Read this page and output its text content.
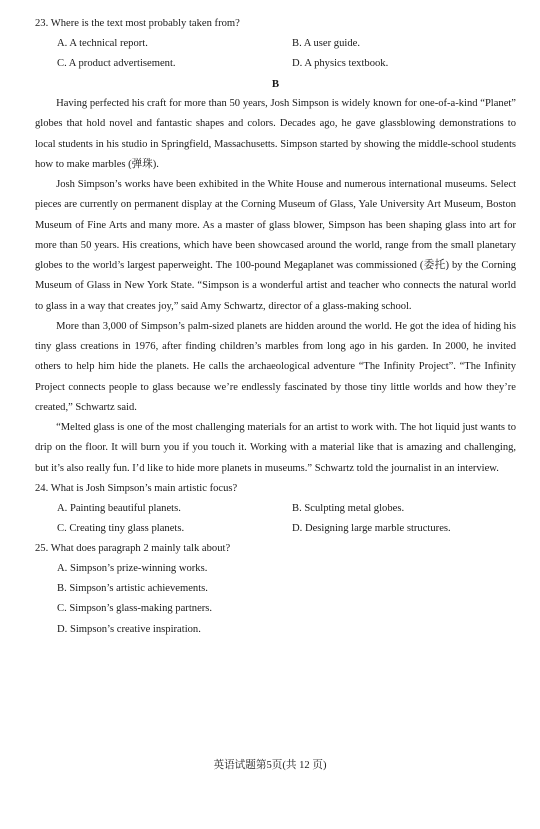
23. Where is the text most probably taken from?
A. A technical report.	B. A user guide.
C. A product advertisement.	D. A physics textbook.
B

Having perfected his craft for more than 50 years, Josh Simpson is widely known for one-of-a-kind “Planet” globes that hold novel and fantastic shapes and colors. Decades ago, he gave glassblowing demonstrations to local students in his studio in Springfield, Massachusetts. Simpson started by showing the middle-school students how to make marbles (弹珠).

Josh Simpson’s works have been exhibited in the White House and numerous international museums. Select pieces are currently on permanent display at the Corning Museum of Glass, Yale University Art Museum, Boston Museum of Fine Arts and many more. As a master of glass blower, Simpson has been shaping glass into art for more than 50 years. His creations, which have been showcased around the world, range from the small planetary globes to the world’s largest paperweight. The 100-pound Megaplanet was commissioned (委托) by the Corning Museum of Glass in New York State. “Simpson is a wonderful artist and teacher who connects the natural world to glass in a way that creates joy,” said Amy Schwartz, director of a glass-making school.

More than 3,000 of Simpson’s palm-sized planets are hidden around the world. He got the idea of hiding his tiny glass creations in 1976, after finding children’s marbles from long ago in his garden. In 2000, he invited others to help him hide the planets. He calls the archaeological adventure “The Infinity Project”. “The Infinity Project connects people to glass because we’re endlessly fascinated by those tiny little worlds and how they’re created,” Schwartz said.

“Melted glass is one of the most challenging materials for an artist to work with. The hot liquid just wants to drip on the floor. It will burn you if you touch it. Working with a material like that is amazing and challenging, but it’s also really fun. I’d like to hide more planets in museums.” Schwartz told the journalist in an interview.

24. What is Josh Simpson’s main artistic focus?
A. Painting beautiful planets.	B. Sculpting metal globes.
C. Creating tiny glass planets.	D. Designing large marble structures.
25. What does paragraph 2 mainly talk about?
A. Simpson’s prize-winning works.
B. Simpson’s artistic achievements.
C. Simpson’s glass-making partners.
D. Simpson’s creative inspiration.
英语试题第5页(共 12 页)
